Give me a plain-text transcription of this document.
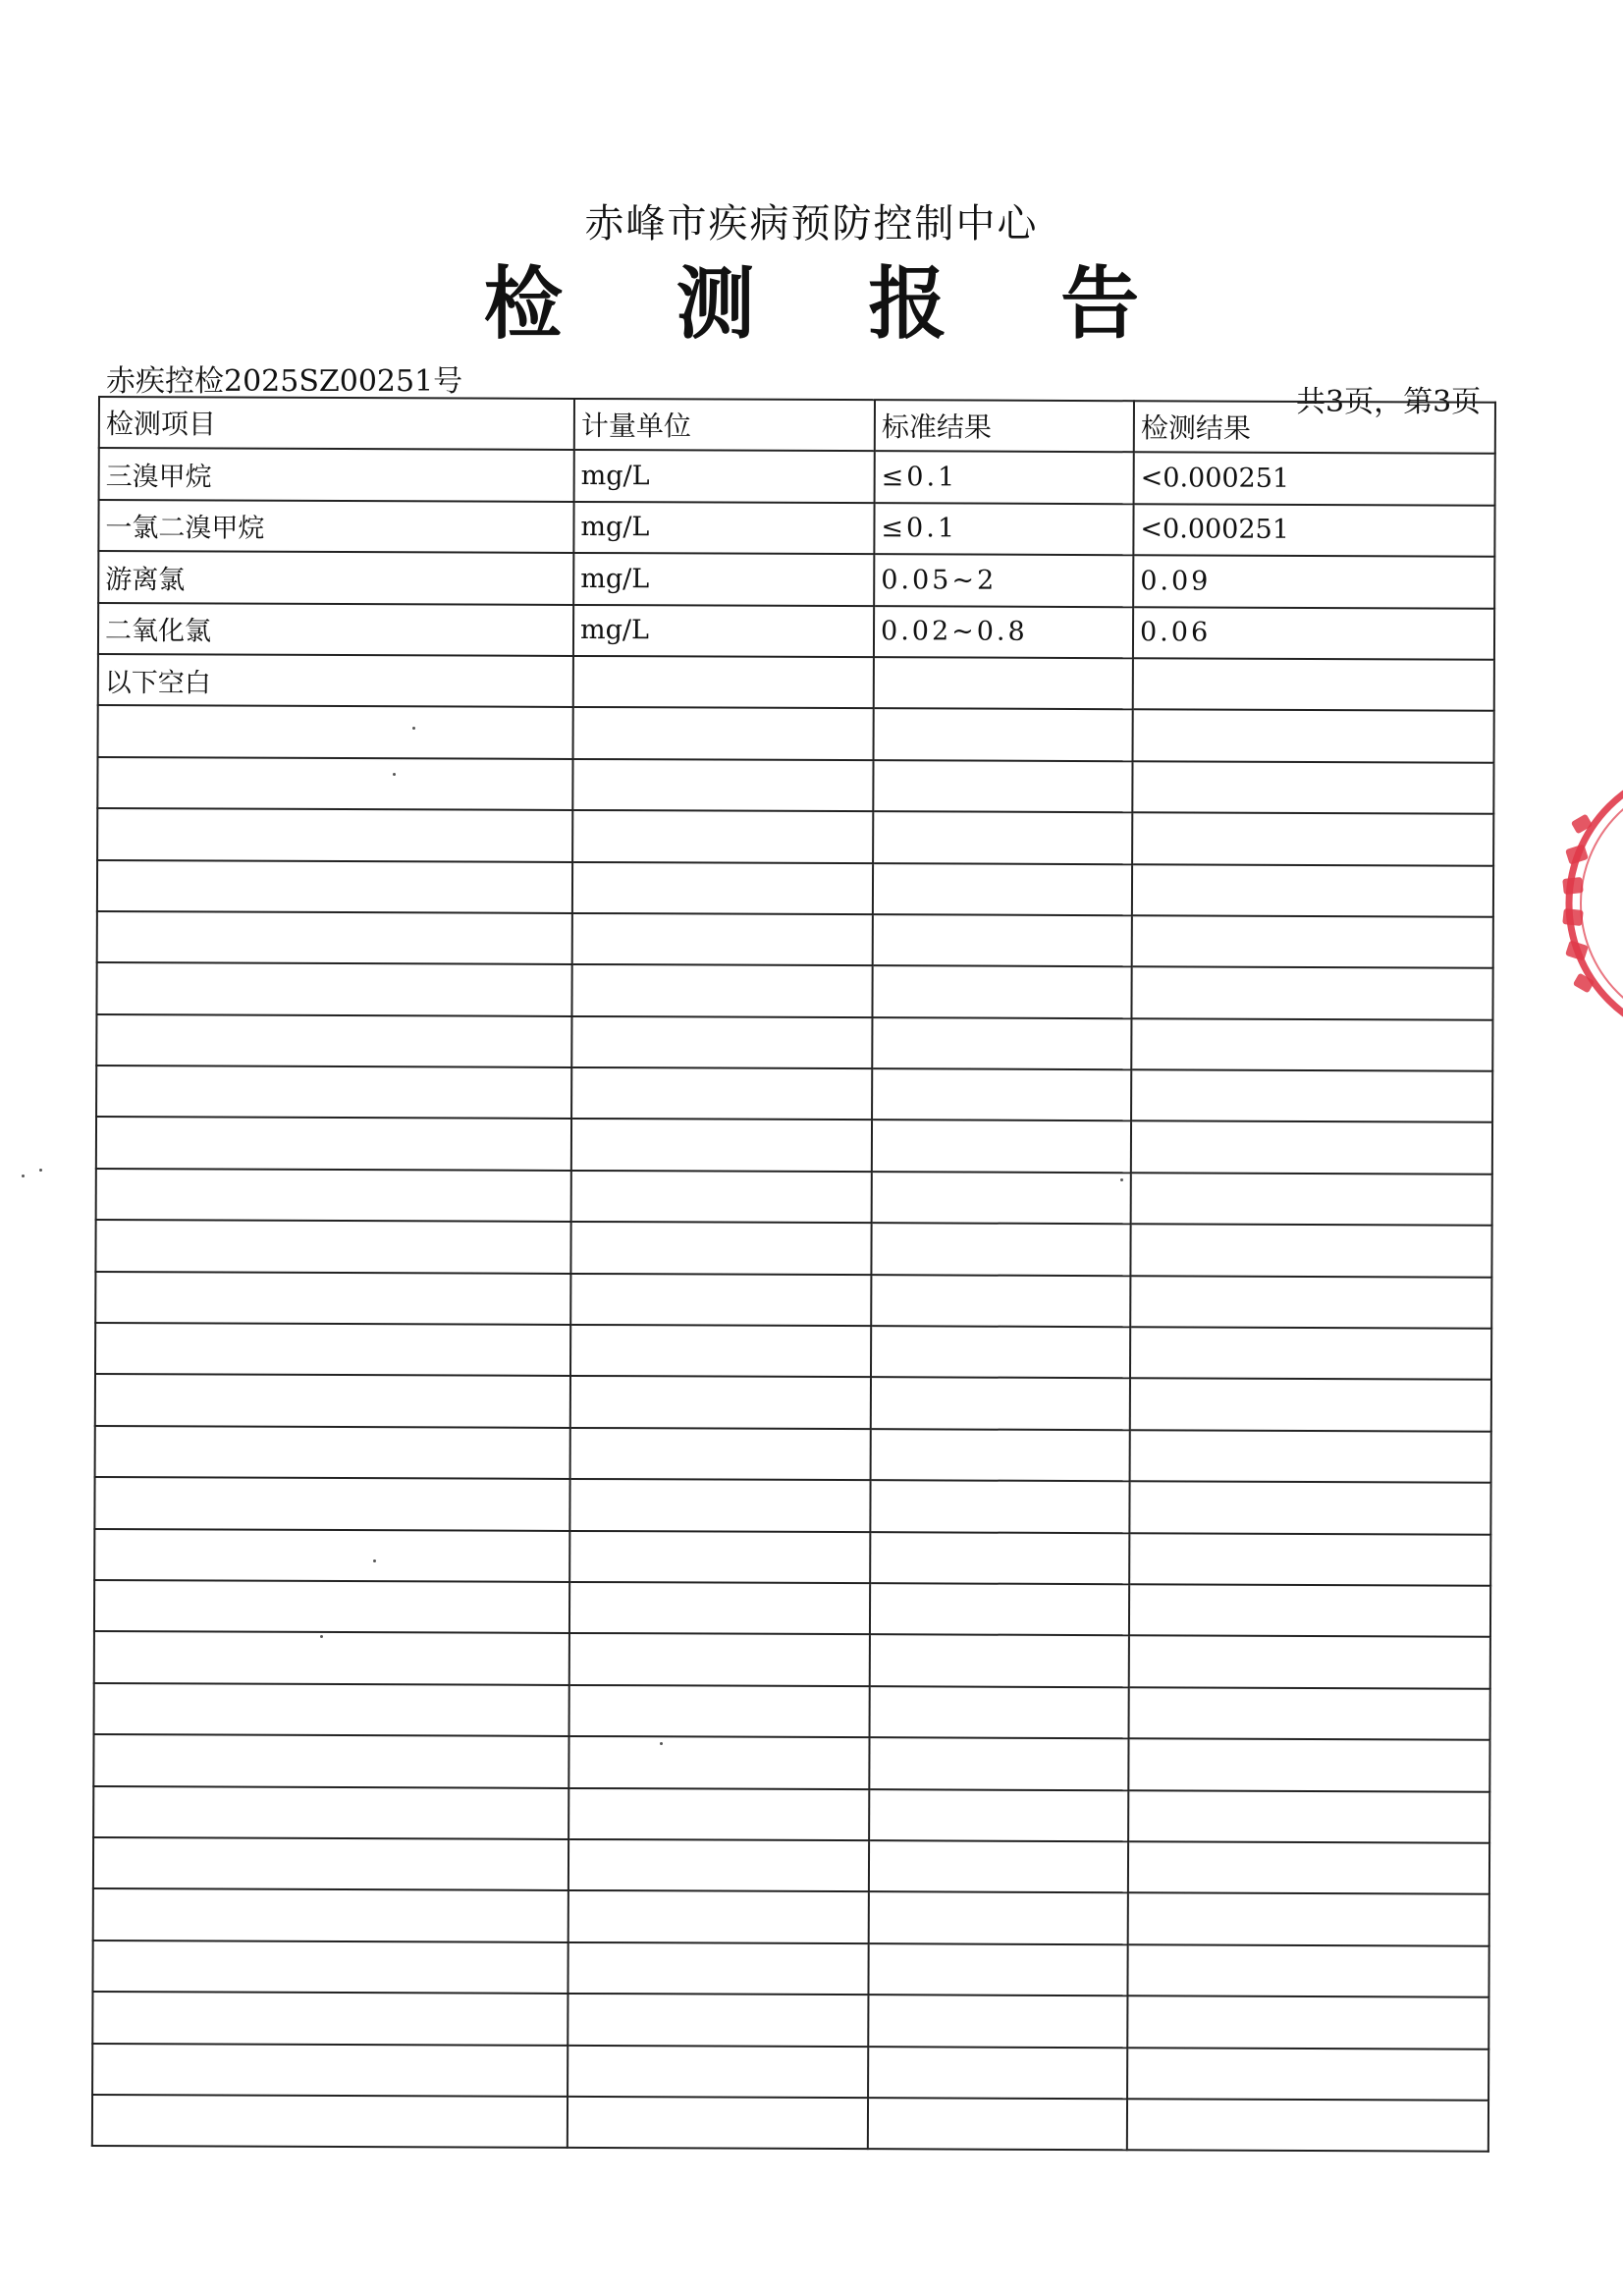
赤峰市疾病预防控制中心
检 测 报 告
赤疾控检2025SZ00251号
共3页，第3页
检测项目	计量单位	标准结果	检测结果
三溴甲烷	mg/L	≤0.1	<0.000251
一氯二溴甲烷	mg/L	≤0.1	<0.000251
游离氯	mg/L	0.05~2	0.09
二氧化氯	mg/L	0.02~0.8	0.06
以下空白			
